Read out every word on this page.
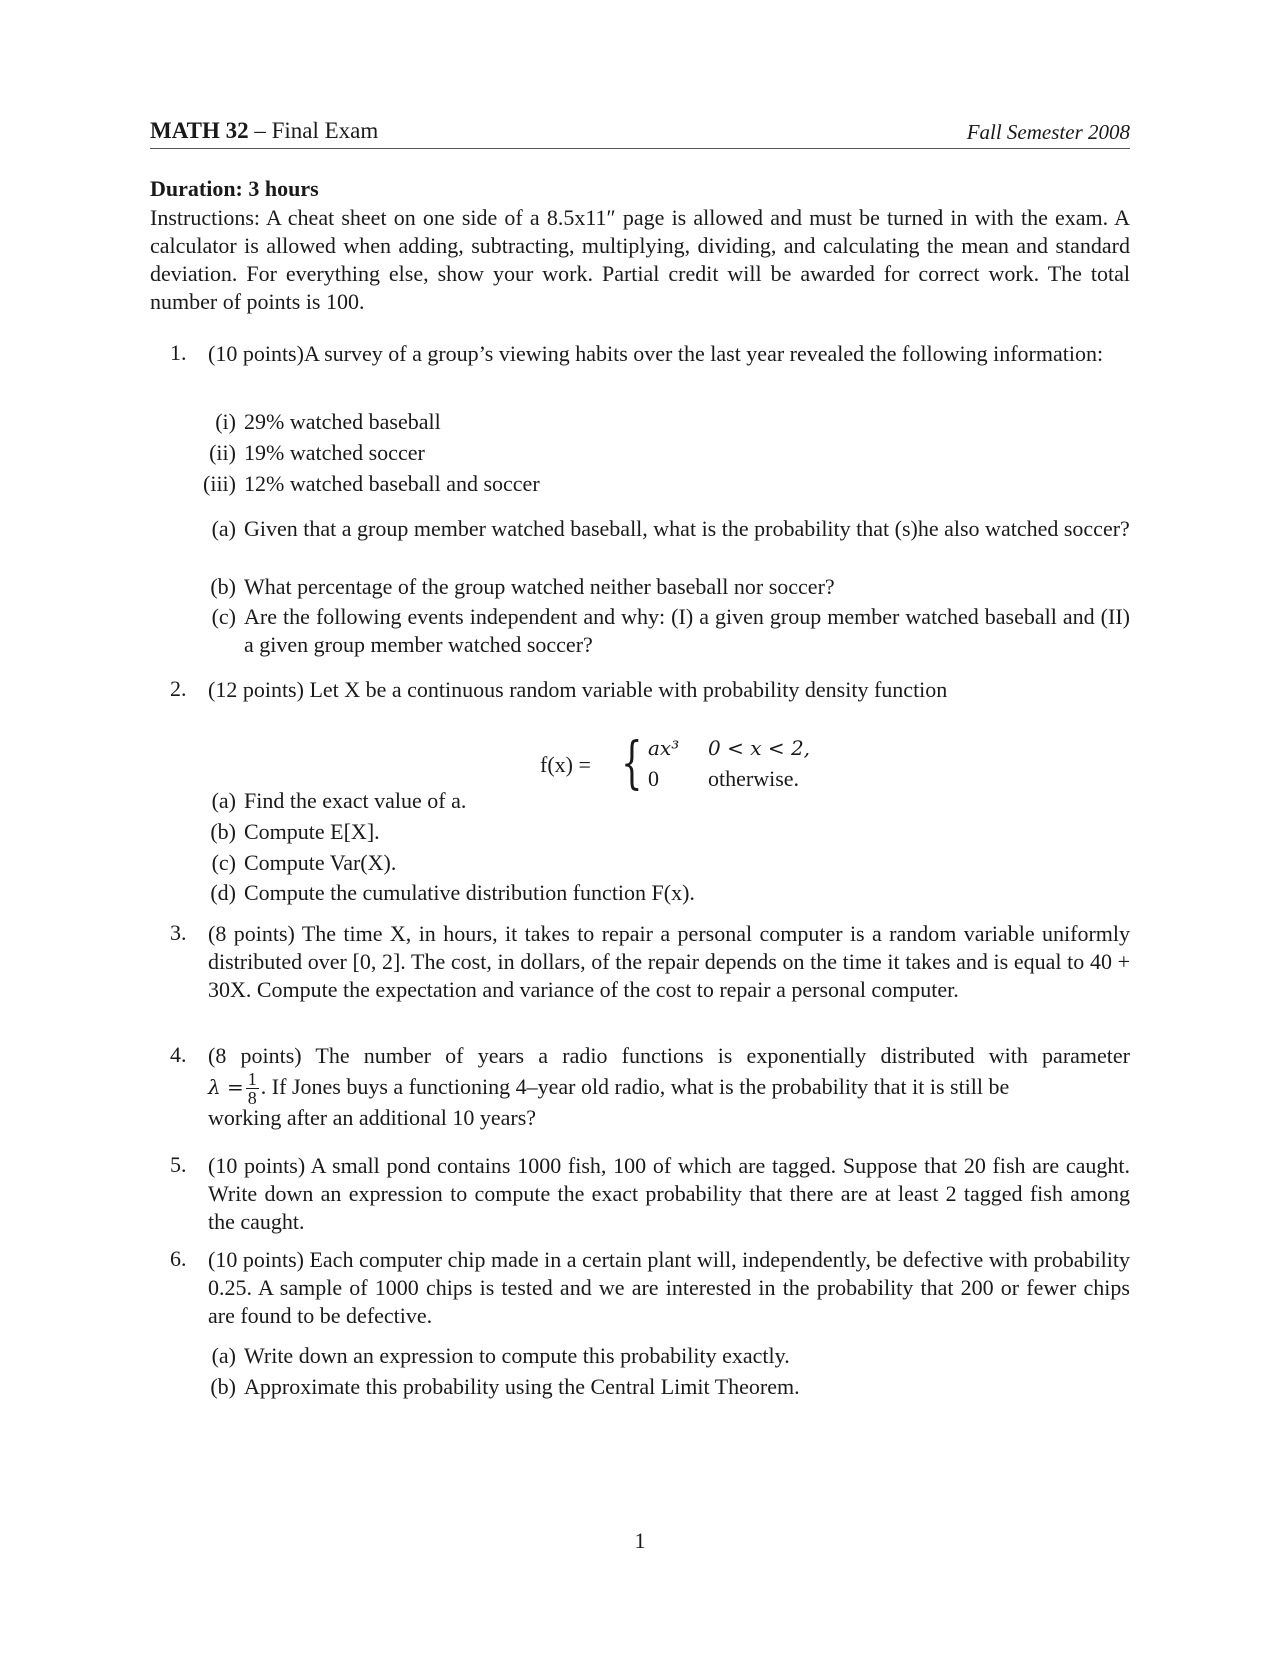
MATH 32 – Final Exam	Fall Semester 2008
Duration: 3 hours
Instructions: A cheat sheet on one side of a 8.5x11″ page is allowed and must be turned in with the exam. A calculator is allowed when adding, subtracting, multiplying, dividing, and calculating the mean and standard deviation. For everything else, show your work. Partial credit will be awarded for correct work. The total number of points is 100.
1. (10 points)A survey of a group’s viewing habits over the last year revealed the following information:
(i) 29% watched baseball
(ii) 19% watched soccer
(iii) 12% watched baseball and soccer
(a) Given that a group member watched baseball, what is the probability that (s)he also watched soccer?
(b) What percentage of the group watched neither baseball nor soccer?
(c) Are the following events independent and why: (I) a given group member watched baseball and (II) a given group member watched soccer?
2. (12 points) Let X be a continuous random variable with probability density function
f(x) = { ax³ 0 < x < 2,
0 otherwise.
(a) Find the exact value of a.
(b) Compute E[X].
(c) Compute Var(X).
(d) Compute the cumulative distribution function F(x).
3. (8 points) The time X, in hours, it takes to repair a personal computer is a random variable uniformly distributed over [0, 2]. The cost, in dollars, of the repair depends on the time it takes and is equal to 40 + 30X. Compute the expectation and variance of the cost to repair a personal computer.
4. (8 points) The number of years a radio functions is exponentially distributed with parameter
$\lambda = \frac{1}{8}$ . If Jones buys a functioning 4–year old radio, what is the probability that it is still be
working after an additional 10 years?
5. (10 points) A small pond contains 1000 fish, 100 of which are tagged. Suppose that 20 fish are caught. Write down an expression to compute the exact probability that there are at least 2 tagged fish among the caught.
6. (10 points) Each computer chip made in a certain plant will, independently, be defective with probability 0.25. A sample of 1000 chips is tested and we are interested in the probability that 200 or fewer chips are found to be defective.
(a) Write down an expression to compute this probability exactly.
(b) Approximate this probability using the Central Limit Theorem.
1
